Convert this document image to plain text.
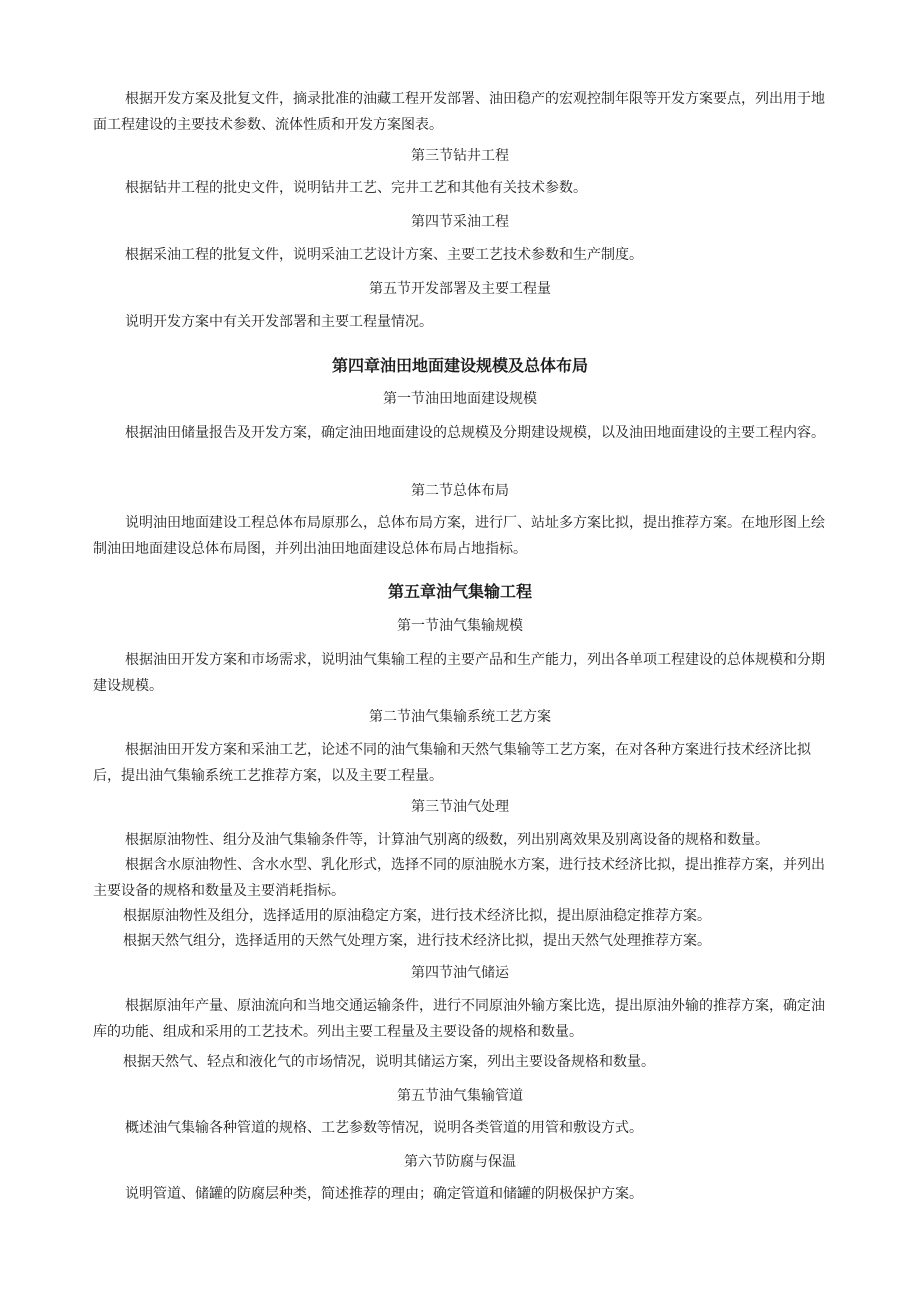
根据开发方案及批复文件，摘录批准的油藏工程开发部署、油田稳产的宏观控制年限等开发方案要点，列出用于地面工程建设的主要技术参数、流体性质和开发方案图表。

第三节钻井工程

根据钻井工程的批史文件，说明钻井工艺、完井工艺和其他有关技术参数。

第四节采油工程

根据采油工程的批复文件，说明采油工艺设计方案、主要工艺技术参数和生产制度。

第五节开发部署及主要工程量

说明开发方案中有关开发部署和主要工程量情况。

第四章油田地面建设规模及总体布局

第一节油田地面建设规模

根据油田储量报告及开发方案，确定油田地面建设的总规模及分期建设规模，以及油田地面建设的主要工程内容。

第二节总体布局

说明油田地面建设工程总体布局原那么，总体布局方案，进行厂、站址多方案比拟，提出推荐方案。在地形图上绘制油田地面建设总体布局图，并列出油田地面建设总体布局占地指标。

第五章油气集输工程

第一节油气集输规模

根据油田开发方案和市场需求，说明油气集输工程的主要产品和生产能力，列出各单项工程建设的总体规模和分期建设规模。

第二节油气集输系统工艺方案

根据油田开发方案和采油工艺，论述不同的油气集输和天然气集输等工艺方案，在对各种方案进行技术经济比拟后，提出油气集输系统工艺推荐方案，以及主要工程量。

第三节油气处理

根据原油物性、组分及油气集输条件等，计算油气别离的级数，列出别离效果及别离设备的规格和数量。

根据含水原油物性、含水水型、乳化形式，选择不同的原油脱水方案，进行技术经济比拟，提出推荐方案，并列出主要设备的规格和数量及主要消耗指标。

根据原油物性及组分，选择适用的原油稳定方案，进行技术经济比拟，提出原油稳定推荐方案。

根据天然气组分，选择适用的天然气处理方案，进行技术经济比拟，提出天然气处理推荐方案。

第四节油气储运

根据原油年产量、原油流向和当地交通运输条件，进行不同原油外输方案比选，提出原油外输的推荐方案，确定油库的功能、组成和采用的工艺技术。列出主要工程量及主要设备的规格和数量。

根据天然气、轻点和液化气的市场情况，说明其储运方案，列出主要设备规格和数量。

第五节油气集输管道

概述油气集输各种管道的规格、工艺参数等情况，说明各类管道的用管和敷设方式。

第六节防腐与保温

说明管道、储罐的防腐层种类，简述推荐的理由；确定管道和储罐的阴极保护方案。
